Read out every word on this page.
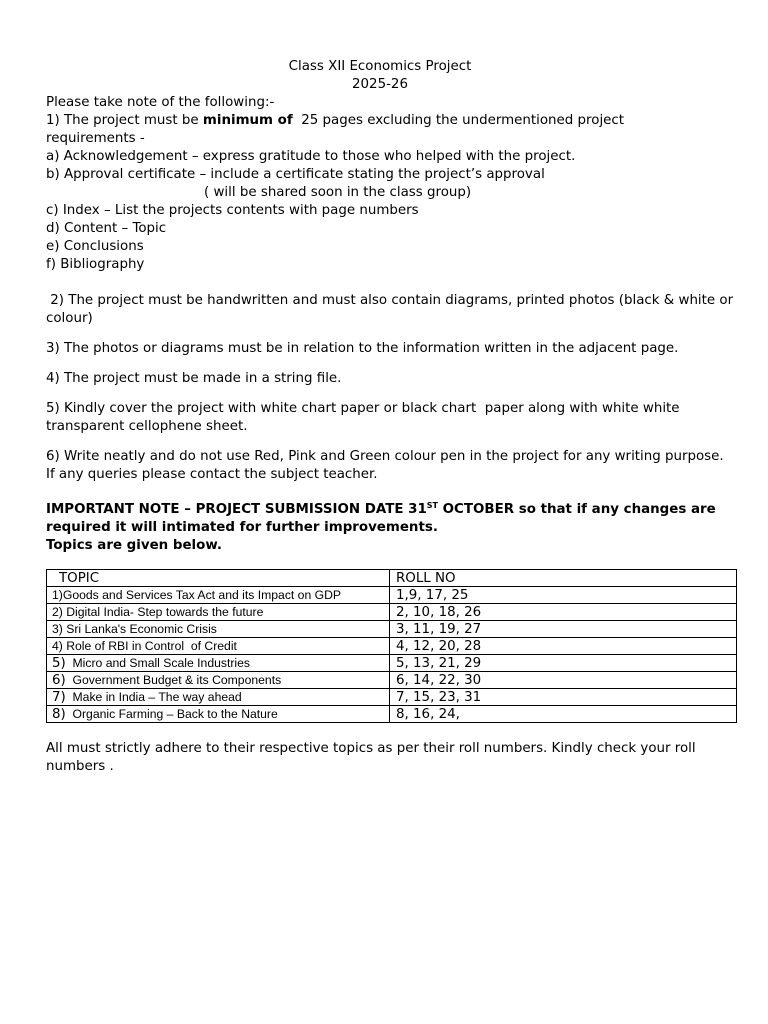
Class XII Economics Project
2025-26
Please take note of the following:-
1) The project must be minimum of  25 pages excluding the undermentioned project
requirements -
a) Acknowledgement – express gratitude to those who helped with the project.
b) Approval certificate – include a certificate stating the project’s approval
( will be shared soon in the class group)
c) Index – List the projects contents with page numbers
d) Content – Topic
e) Conclusions
f) Bibliography
2) The project must be handwritten and must also contain diagrams, printed photos (black & white or colour)
3) The photos or diagrams must be in relation to the information written in the adjacent page.
4) The project must be made in a string file.
5) Kindly cover the project with white chart paper or black chart  paper along with white white transparent cellophene sheet.
6) Write neatly and do not use Red, Pink and Green colour pen in the project for any writing purpose.
If any queries please contact the subject teacher.
IMPORTANT NOTE – PROJECT SUBMISSION DATE 31ST OCTOBER so that if any changes are required it will intimated for further improvements.
Topics are given below.
TOPIC	ROLL NO
1)Goods and Services Tax Act and its Impact on GDP	1,9, 17, 25
2) Digital India- Step towards the future	2, 10, 18, 26
3) Sri Lanka's Economic Crisis	3, 11, 19, 27
4) Role of RBI in Control  of Credit	4, 12, 20, 28
5)  Micro and Small Scale Industries	5, 13, 21, 29
6)  Government Budget & its Components	6, 14, 22, 30
7)  Make in India – The way ahead	7, 15, 23, 31
8)  Organic Farming – Back to the Nature	8, 16, 24,
All must strictly adhere to their respective topics as per their roll numbers. Kindly check your roll numbers .
